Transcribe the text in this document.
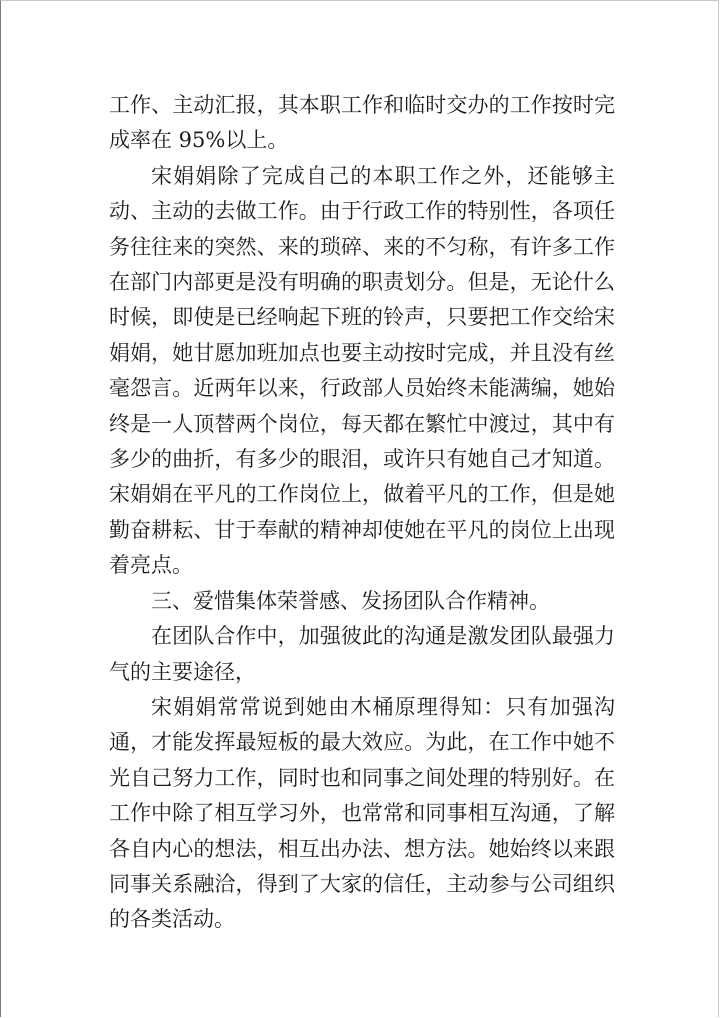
工作、主动汇报，其本职工作和临时交办的工作按时完成率在 95%以上。

宋娟娟除了完成自己的本职工作之外，还能够主动、主动的去做工作。由于行政工作的特别性，各项任务往往来的突然、来的琐碎、来的不匀称，有许多工作在部门内部更是没有明确的职责划分。但是，无论什么时候，即使是已经响起下班的铃声，只要把工作交给宋娟娟，她甘愿加班加点也要主动按时完成，并且没有丝毫怨言。近两年以来，行政部人员始终未能满编，她始终是一人顶替两个岗位，每天都在繁忙中渡过，其中有多少的曲折，有多少的眼泪，或许只有她自己才知道。宋娟娟在平凡的工作岗位上，做着平凡的工作，但是她勤奋耕耘、甘于奉献的精神却使她在平凡的岗位上出现着亮点。

三、爱惜集体荣誉感、发扬团队合作精神。

在团队合作中，加强彼此的沟通是激发团队最强力气的主要途径，

宋娟娟常常说到她由木桶原理得知：只有加强沟通，才能发挥最短板的最大效应。为此，在工作中她不光自己努力工作，同时也和同事之间处理的特别好。在工作中除了相互学习外，也常常和同事相互沟通，了解各自内心的想法，相互出办法、想方法。她始终以来跟同事关系融洽，得到了大家的信任，主动参与公司组织的各类活动。
